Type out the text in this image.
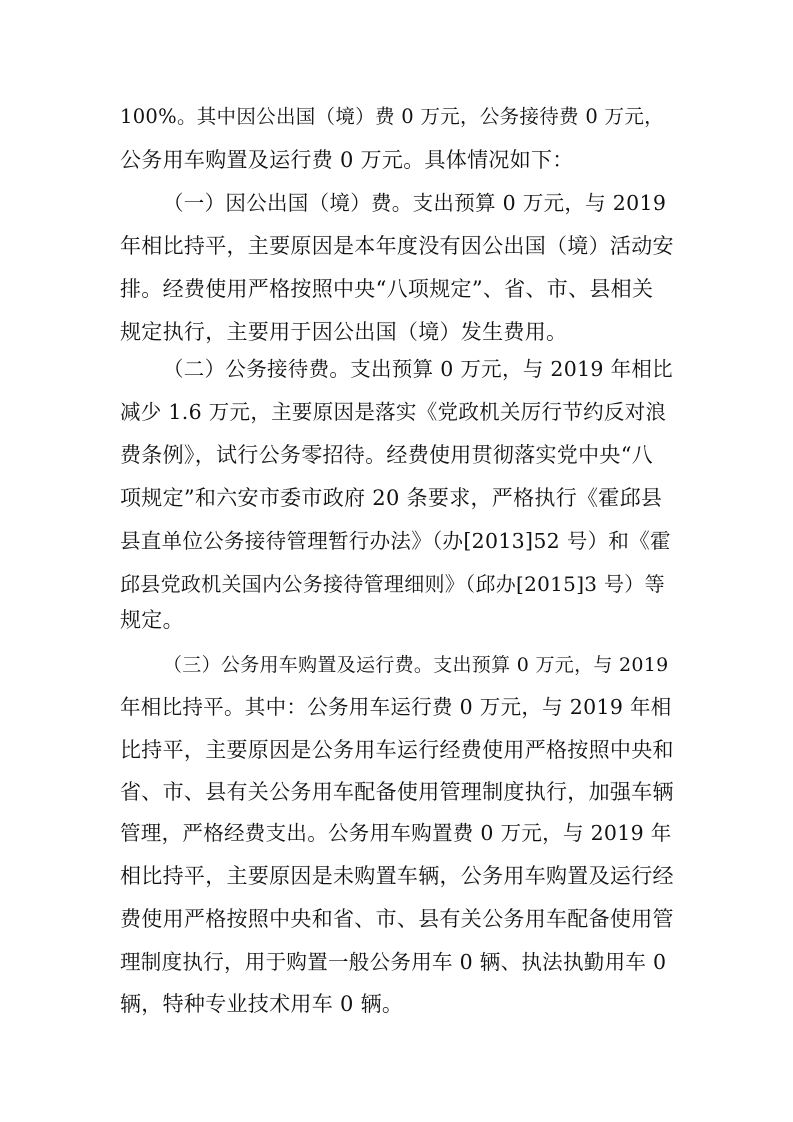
100%。其中因公出国（境）费 0 万元，公务接待费 0 万元，
公务用车购置及运行费 0 万元。具体情况如下：
（一）因公出国（境）费。支出预算 0 万元，与 2019
年相比持平，主要原因是本年度没有因公出国（境）活动安
排。经费使用严格按照中央“八项规定”、省、市、县相关
规定执行，主要用于因公出国（境）发生费用。
（二）公务接待费。支出预算 0 万元，与 2019 年相比
减少 1.6 万元，主要原因是落实《党政机关厉行节约反对浪
费条例》，试行公务零招待。经费使用贯彻落实党中央“八
项规定”和六安市委市政府 20 条要求，严格执行《霍邱县
县直单位公务接待管理暂行办法》（办[2013]52 号）和《霍
邱县党政机关国内公务接待管理细则》（邱办[2015]3 号）等
规定。
（三）公务用车购置及运行费。支出预算 0 万元，与 2019
年相比持平。其中：公务用车运行费 0 万元，与 2019 年相
比持平，主要原因是公务用车运行经费使用严格按照中央和
省、市、县有关公务用车配备使用管理制度执行，加强车辆
管理，严格经费支出。公务用车购置费 0 万元，与 2019 年
相比持平，主要原因是未购置车辆，公务用车购置及运行经
费使用严格按照中央和省、市、县有关公务用车配备使用管
理制度执行，用于购置一般公务用车 0 辆、执法执勤用车 0
辆，特种专业技术用车 0 辆。
